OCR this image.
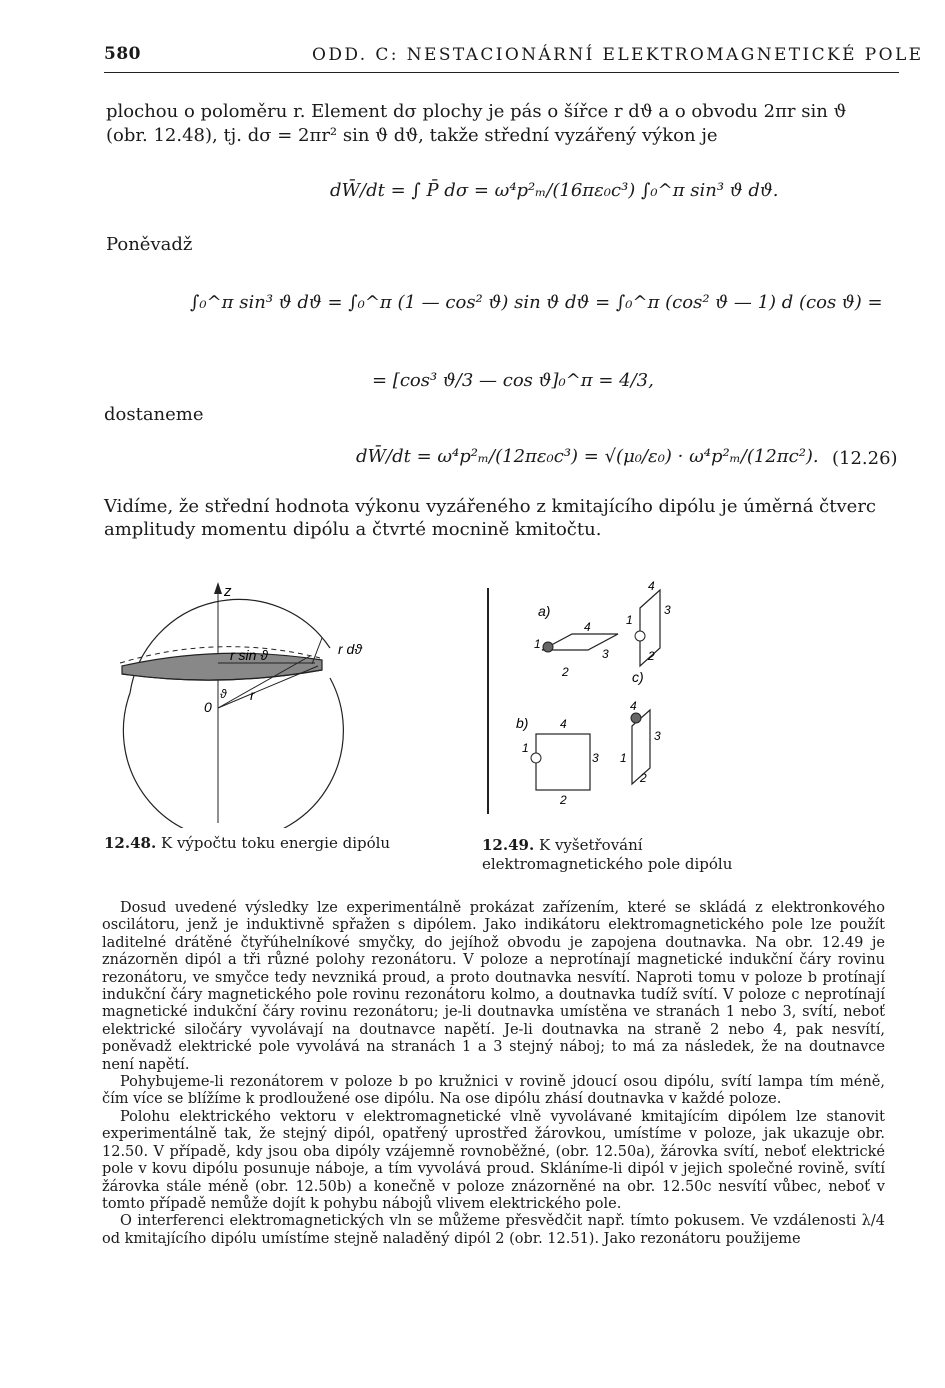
580	ODD. C: NESTACIONÁRNÍ ELEKTROMAGNETICKÉ POLE
plochou o poloměru r. Element dσ plochy je pás o šířce r dϑ a o obvodu 2πr sin ϑ
(obr. 12.48), tj. dσ = 2πr² sin ϑ dϑ, takže střední vyzářený výkon je
dW̄/dt = ∫ P̄ dσ = ω⁴p²ₘ/(16πε₀c³) ∫₀^π sin³ ϑ dϑ.
Poněvadž
∫₀^π sin³ ϑ dϑ = ∫₀^π (1 — cos² ϑ) sin ϑ dϑ = ∫₀^π (cos² ϑ — 1) d (cos ϑ) =
= [cos³ ϑ/3 — cos ϑ]₀^π = 4/3,
dostaneme
dW̄/dt = ω⁴p²ₘ/(12πε₀c³) = √(μ₀/ε₀) · ω⁴p²ₘ/(12πc²). (12.26)
Vidíme, že střední hodnota výkonu vyzářeného z kmitajícího dipólu je úměrná čtverc
amplitudy momentu dipólu a čtvrté mocnině kmitočtu.
z
r sin ϑ
r
ϑ
0
r dϑ
12.48. K výpočtu toku energie dipólu
a)
1
4
3
2
1
4
3
2
c)
b)
1
4
3
2
4
3
1
2
12.49. K vyšetřování
elektromagnetického pole dipólu

Dosud uvedené výsledky lze experimentálně prokázat zařízením, které se skládá z elektronkového oscilátoru, jenž je induktivně spřažen s dipólem. Jako indikátoru elektromagnetického pole lze použít laditelné drátěné čtyřúhelníkové smyčky, do jejíhož obvodu je zapojena doutnavka. Na obr. 12.49 je znázorněn dipól a tři různé polohy rezonátoru. V poloze a neprotínají magnetické indukční čáry rovinu rezonátoru, ve smyčce tedy nevzniká proud, a proto doutnavka nesvítí. Naproti tomu v poloze b protínají indukční čáry magnetického pole rovinu rezonátoru kolmo, a doutnavka tudíž svítí. V poloze c neprotínají magnetické indukční čáry rovinu rezonátoru; je-li doutnavka umístěna ve stranách 1 nebo 3, svítí, neboť elektrické siločáry vyvolávají na doutnavce napětí. Je-li doutnavka na straně 2 nebo 4, pak nesvítí, poněvadž elektrické pole vyvolává na stranách 1 a 3 stejný náboj; to má za následek, že na doutnavce není napětí.

Pohybujeme-li rezonátorem v poloze b po kružnici v rovině jdoucí osou dipólu, svítí lampa tím méně, čím více se blížíme k prodloužené ose dipólu. Na ose dipólu zhásí doutnavka v každé poloze.

Polohu elektrického vektoru v elektromagnetické vlně vyvolávané kmitajícím dipólem lze stanovit experimentálně tak, že stejný dipól, opatřený uprostřed žárovkou, umístíme v poloze, jak ukazuje obr. 12.50. V případě, kdy jsou oba dipóly vzájemně rovnoběžné, (obr. 12.50a), žárovka svítí, neboť elektrické pole v kovu dipólu posunuje náboje, a tím vyvolává proud. Skláníme-li dipól v jejich společné rovině, svítí žárovka stále méně (obr. 12.50b) a konečně v poloze znázorněné na obr. 12.50c nesvítí vůbec, neboť v tomto případě nemůže dojít k pohybu nábojů vlivem elektrického pole.

O interferenci elektromagnetických vln se můžeme přesvědčit např. tímto pokusem. Ve vzdálenosti λ/4 od kmitajícího dipólu umístíme stejně naladěný dipól 2 (obr. 12.51). Jako rezonátoru použijeme
